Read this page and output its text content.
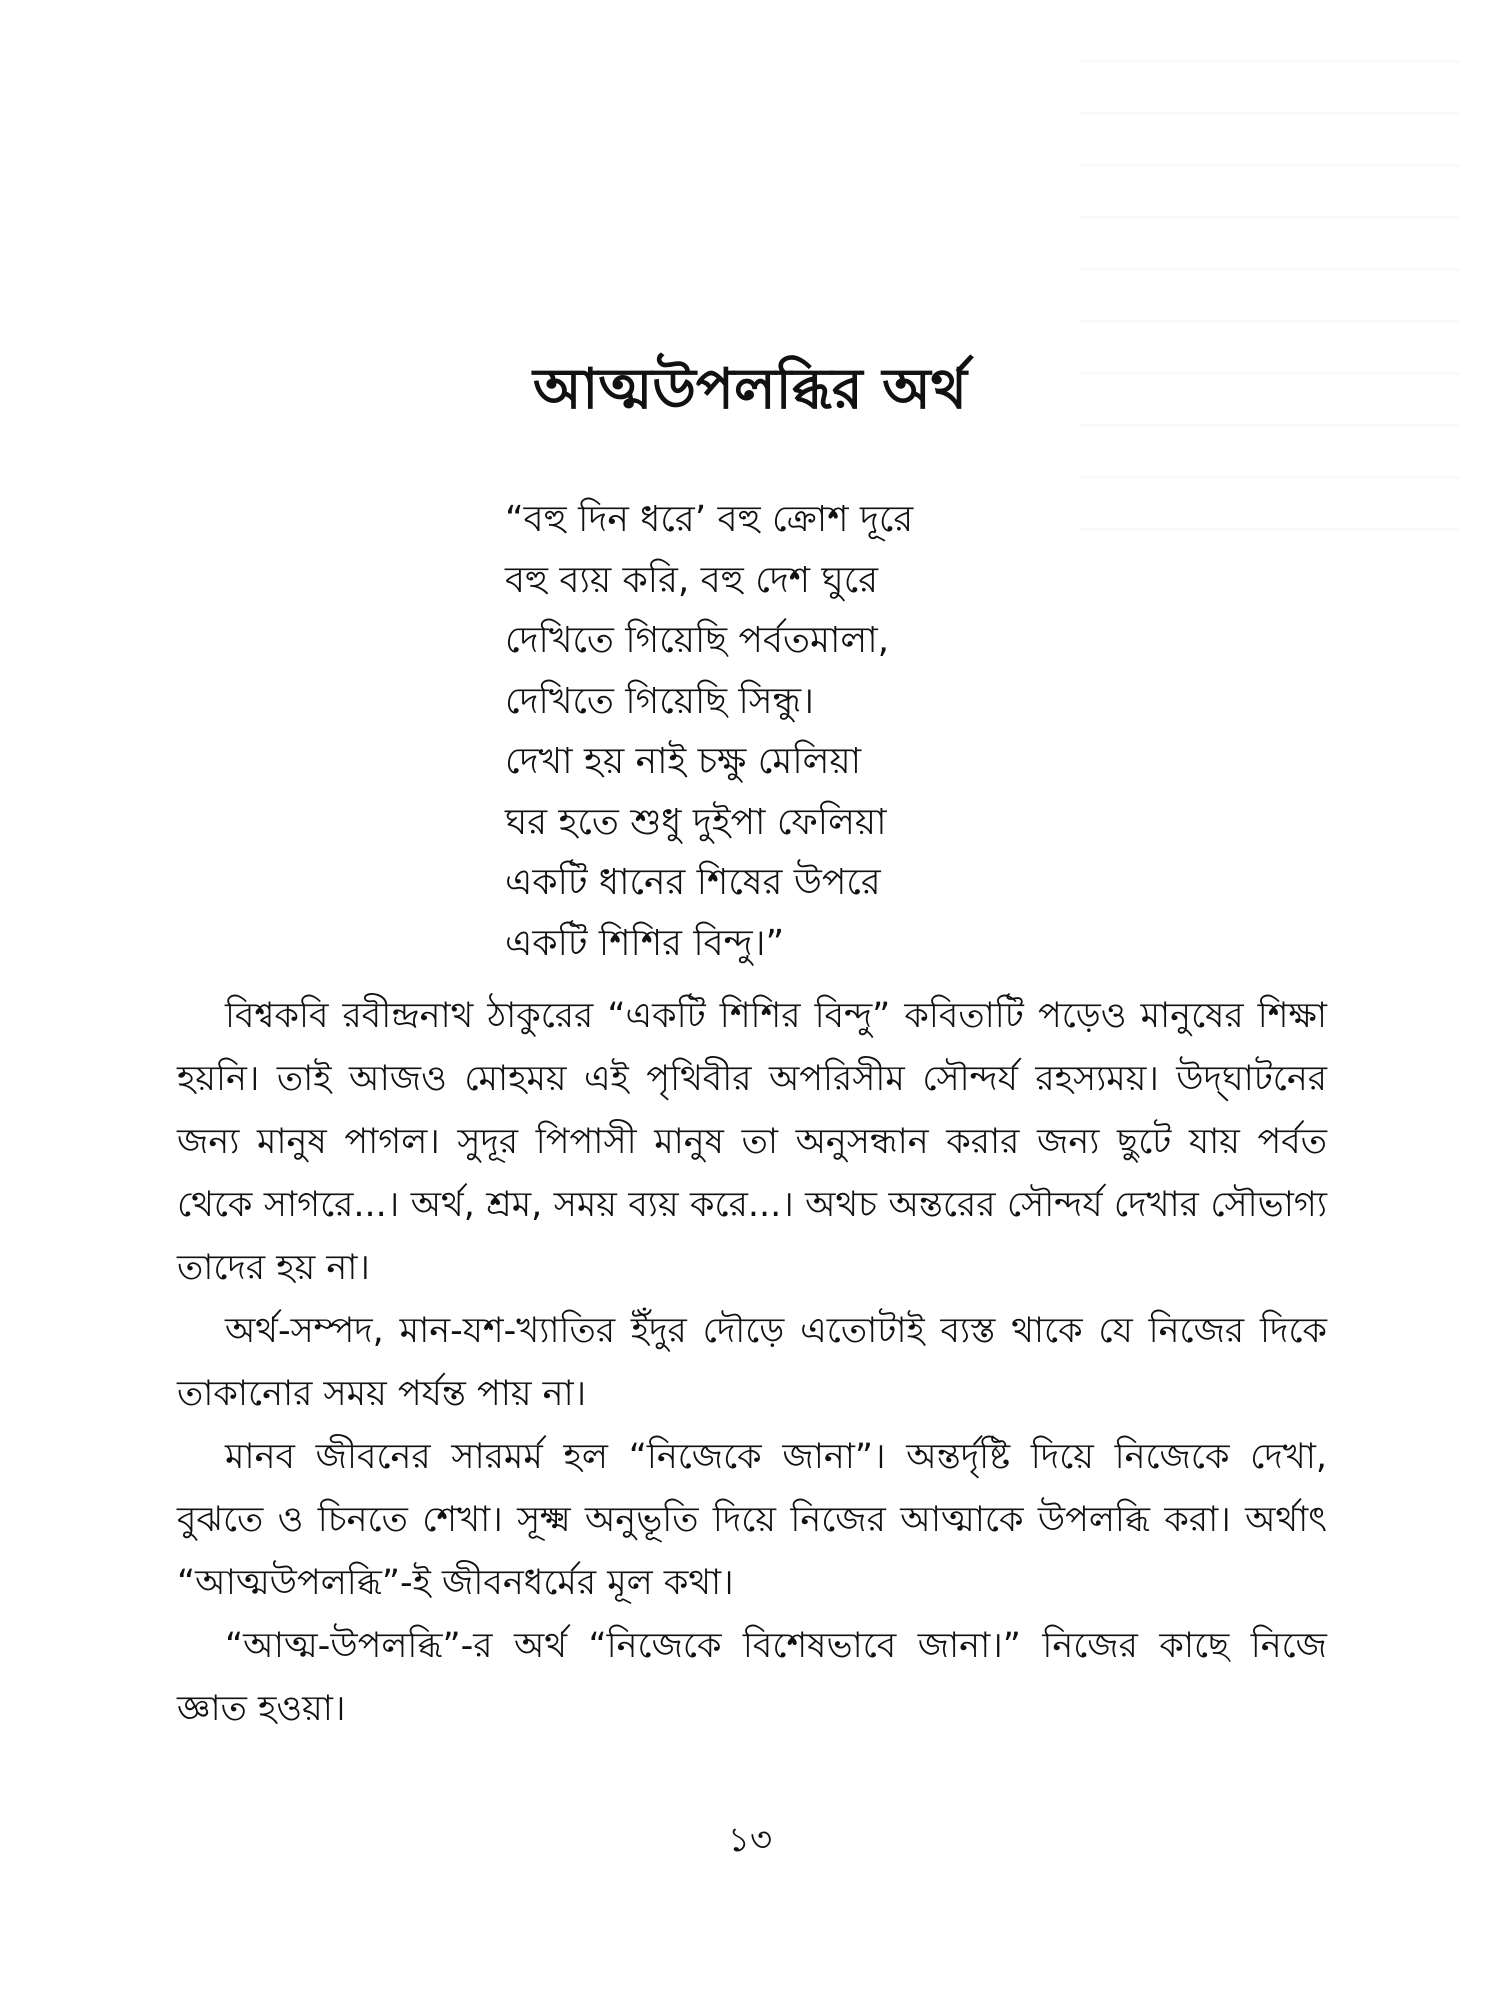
আত্মউপলব্ধির অর্থ
“বহু দিন ধরে’ বহু ক্রোশ দূরে
বহু ব্যয় করি, বহু দেশ ঘুরে
দেখিতে গিয়েছি পর্বতমালা,
দেখিতে গিয়েছি সিন্ধু।
দেখা হয় নাই চক্ষু মেলিয়া
ঘর হতে শুধু দুইপা ফেলিয়া
একটি ধানের শিষের উপরে
একটি শিশির বিন্দু।”

বিশ্বকবি রবীন্দ্রনাথ ঠাকুরের “একটি শিশির বিন্দু” কবিতাটি পড়েও মানুষের শিক্ষা হয়নি। তাই আজও মোহময় এই পৃথিবীর অপরিসীম সৌন্দর্য রহস্যময়। উদ্‌ঘাটনের জন্য মানুষ পাগল। সুদূর পিপাসী মানুষ তা অনুসন্ধান করার জন্য ছুটে যায় পর্বত থেকে সাগরে...। অর্থ, শ্রম, সময় ব্যয় করে...। অথচ অন্তরের সৌন্দর্য দেখার সৌভাগ্য তাদের হয় না।

অর্থ-সম্পদ, মান-যশ-খ্যাতির ইঁদুর দৌড়ে এতোটাই ব্যস্ত থাকে যে নিজের দিকে তাকানোর সময় পর্যন্ত পায় না।

মানব জীবনের সারমর্ম হল “নিজেকে জানা”। অন্তর্দৃষ্টি দিয়ে নিজেকে দেখা, বুঝতে ও চিনতে শেখা। সূক্ষ্ম অনুভূতি দিয়ে নিজের আত্মাকে উপলব্ধি করা। অর্থাৎ “আত্মউপলব্ধি”-ই জীবনধর্মের মূল কথা।

“আত্ম-উপলব্ধি”-র অর্থ “নিজেকে বিশেষভাবে জানা।” নিজের কাছে নিজে জ্ঞাত হওয়া।

১৩
